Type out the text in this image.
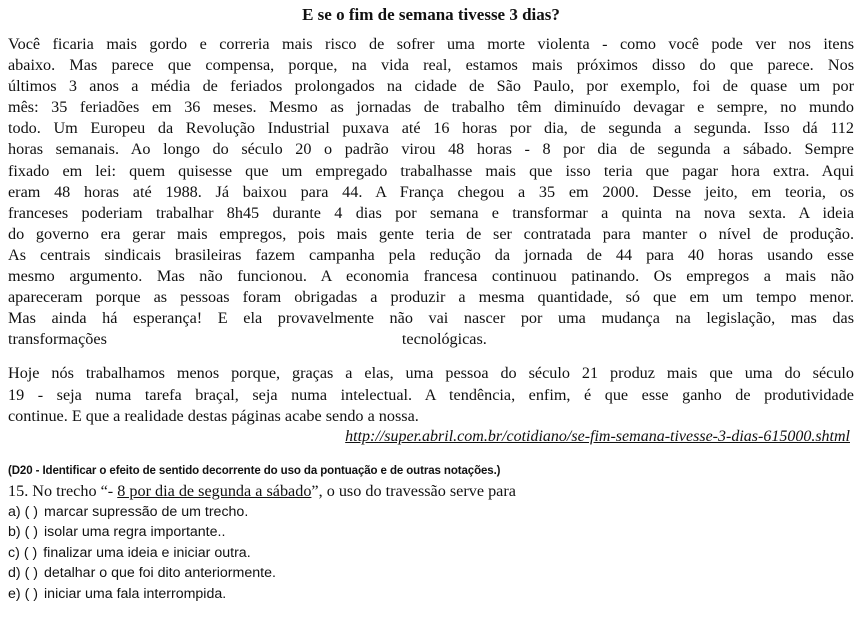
E se o fim de semana tivesse 3 dias?
Você ficaria mais gordo e correria mais risco de sofrer uma morte violenta - como você pode ver nos itens
abaixo. Mas parece que compensa, porque, na vida real, estamos mais próximos disso do que parece. Nos
últimos 3 anos a média de feriados prolongados na cidade de São Paulo, por exemplo, foi de quase um por
mês: 35 feriadões em 36 meses. Mesmo as jornadas de trabalho têm diminuído devagar e sempre, no mundo
todo. Um Europeu da Revolução Industrial puxava até 16 horas por dia, de segunda a segunda. Isso dá 112
horas semanais. Ao longo do século 20 o padrão virou 48 horas - 8 por dia de segunda a sábado. Sempre
fixado em lei: quem quisesse que um empregado trabalhasse mais que isso teria que pagar hora extra. Aqui
eram 48 horas até 1988. Já baixou para 44. A França chegou a 35 em 2000. Desse jeito, em teoria, os
franceses poderiam trabalhar 8h45 durante 4 dias por semana e transformar a quinta na nova sexta. A ideia
do governo era gerar mais empregos, pois mais gente teria de ser contratada para manter o nível de produção.
As centrais sindicais brasileiras fazem campanha pela redução da jornada de 44 para 40 horas usando esse
mesmo argumento. Mas não funcionou. A economia francesa continuou patinando. Os empregos a mais não
apareceram porque as pessoas foram obrigadas a produzir a mesma quantidade, só que em um tempo menor.
Mas ainda há esperança! E ela provavelmente não vai nascer por uma mudança na legislação, mas das
transformações	tecnológicas.
Hoje nós trabalhamos menos porque, graças a elas, uma pessoa do século 21 produz mais que uma do século
19 - seja numa tarefa braçal, seja numa intelectual. A tendência, enfim, é que esse ganho de produtividade
continue. E que a realidade destas páginas acabe sendo a nossa.
http://super.abril.com.br/cotidiano/se-fim-semana-tivesse-3-dias-615000.shtml
(D20 - Identificar o efeito de sentido decorrente do uso da pontuação e de outras notações.)
15. No trecho “- 8 por dia de segunda a sábado”, o uso do travessão serve para
a) ( ) marcar supressão de um trecho.
b) ( ) isolar uma regra importante..
c) ( ) finalizar uma ideia e iniciar outra.
d) ( ) detalhar o que foi dito anteriormente.
e) ( ) iniciar uma fala interrompida.
